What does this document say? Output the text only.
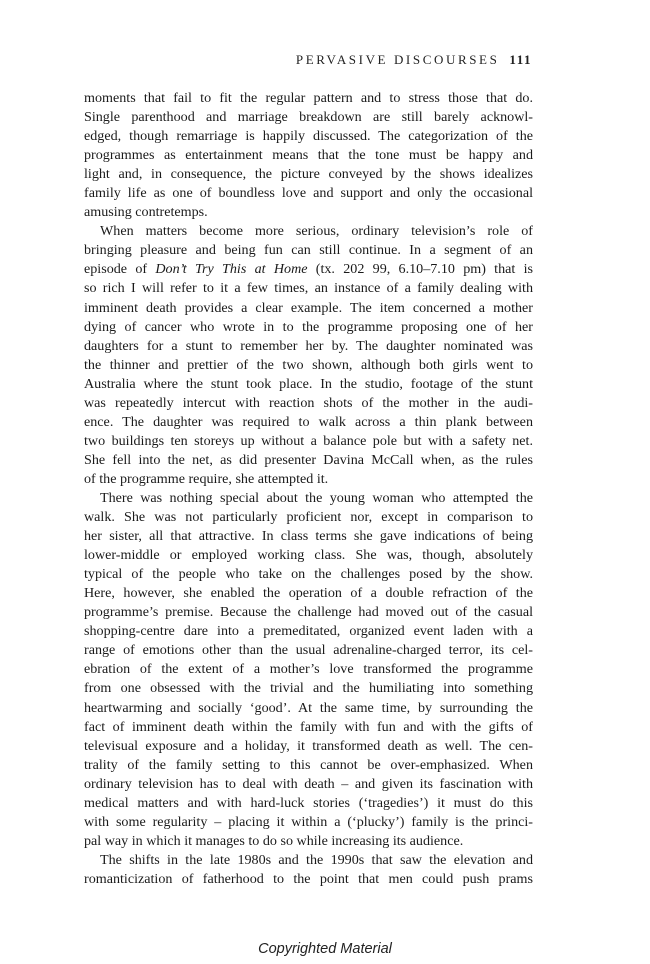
PERVASIVE DISCOURSES 111
moments that fail to fit the regular pattern and to stress those that do.
Single parenthood and marriage breakdown are still barely acknowl-
edged, though remarriage is happily discussed. The categorization of the
programmes as entertainment means that the tone must be happy and
light and, in consequence, the picture conveyed by the shows idealizes
family life as one of boundless love and support and only the occasional
amusing contretemps.
When matters become more serious, ordinary television’s role of
bringing pleasure and being fun can still continue. In a segment of an
episode of Don’t Try This at Home (tx. 202 99, 6.10–7.10 pm) that is
so rich I will refer to it a few times, an instance of a family dealing with
imminent death provides a clear example. The item concerned a mother
dying of cancer who wrote in to the programme proposing one of her
daughters for a stunt to remember her by. The daughter nominated was
the thinner and prettier of the two shown, although both girls went to
Australia where the stunt took place. In the studio, footage of the stunt
was repeatedly intercut with reaction shots of the mother in the audi-
ence. The daughter was required to walk across a thin plank between
two buildings ten storeys up without a balance pole but with a safety net.
She fell into the net, as did presenter Davina McCall when, as the rules
of the programme require, she attempted it.
There was nothing special about the young woman who attempted the
walk. She was not particularly proficient nor, except in comparison to
her sister, all that attractive. In class terms she gave indications of being
lower-middle or employed working class. She was, though, absolutely
typical of the people who take on the challenges posed by the show.
Here, however, she enabled the operation of a double refraction of the
programme’s premise. Because the challenge had moved out of the casual
shopping-centre dare into a premeditated, organized event laden with a
range of emotions other than the usual adrenaline-charged terror, its cel-
ebration of the extent of a mother’s love transformed the programme
from one obsessed with the trivial and the humiliating into something
heartwarming and socially ‘good’. At the same time, by surrounding the
fact of imminent death within the family with fun and with the gifts of
televisual exposure and a holiday, it transformed death as well. The cen-
trality of the family setting to this cannot be over-emphasized. When
ordinary television has to deal with death – and given its fascination with
medical matters and with hard-luck stories (‘tragedies’) it must do this
with some regularity – placing it within a (‘plucky’) family is the princi-
pal way in which it manages to do so while increasing its audience.
The shifts in the late 1980s and the 1990s that saw the elevation and
romanticization of fatherhood to the point that men could push prams
Copyrighted Material
